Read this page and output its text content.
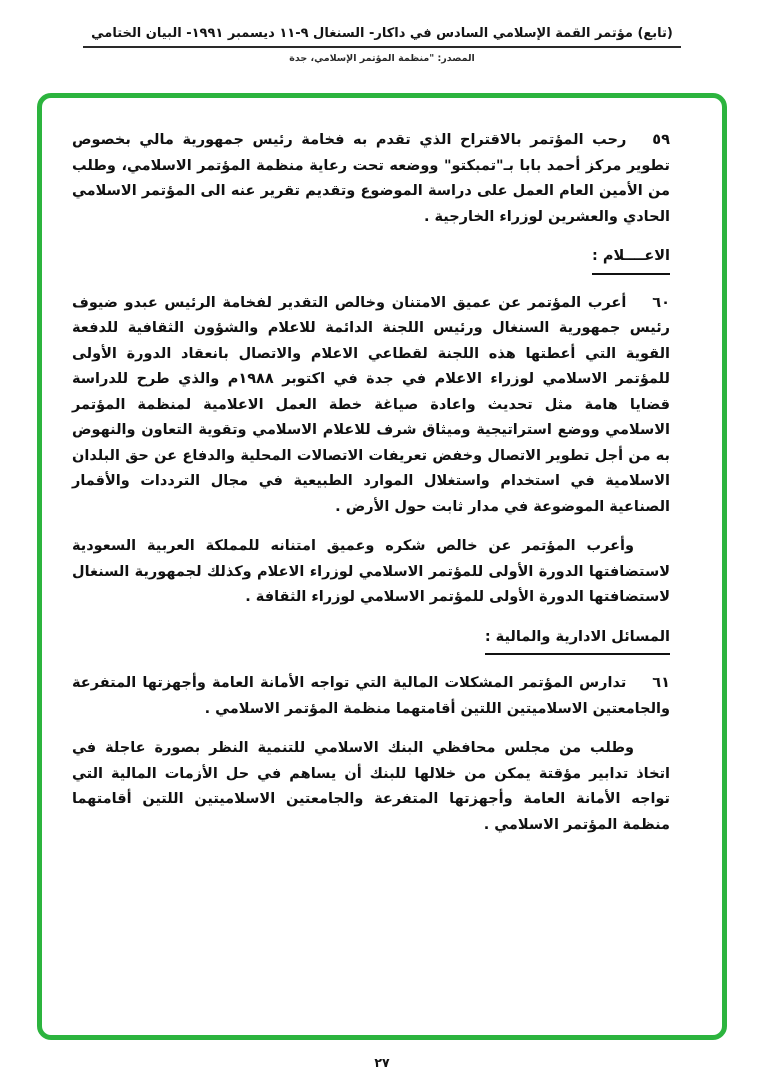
(تابع) مؤتمر القمة الإسلامي السادس في داكار- السنغال ٩-١١ ديسمبر ١٩٩١- البيان الختامي
المصدر: "منظمة المؤتمر الإسلامي، جدة

٥٩رحب المؤتمر بالاقتراح الذي تقدم به فخامة رئيس جمهورية مالي بخصوص تطوير مركز أحمد بابا بـ"تمبكتو" ووضعه تحت رعاية منظمة المؤتمر الاسلامي، وطلب من الأمين العام العمل على دراسة الموضوع وتقديم تقرير عنه الى المؤتمر الاسلامي الحادي والعشرين لوزراء الخارجية .

الاعــــلام :

٦٠أعرب المؤتمر عن عميق الامتنان وخالص التقدير لفخامة الرئيس عبدو ضيوف رئيس جمهورية السنغال ورئيس اللجنة الدائمة للاعلام والشؤون الثقافية للدفعة القوية التي أعطتها هذه اللجنة لقطاعي الاعلام والاتصال بانعقاد الدورة الأولى للمؤتمر الاسلامي لوزراء الاعلام في جدة في اكتوبر ١٩٨٨م والذي طرح للدراسة قضايا هامة مثل تحديث واعادة صياغة خطة العمل الاعلامية لمنظمة المؤتمر الاسلامي ووضع استراتيجية وميثاق شرف للاعلام الاسلامي وتقوية التعاون والنهوض به من أجل تطوير الاتصال وخفض تعريفات الاتصالات المحلية والدفاع عن حق البلدان الاسلامية في استخدام واستغلال الموارد الطبيعية في مجال الترددات والأقمار الصناعية الموضوعة في مدار ثابت حول الأرض .

وأعرب المؤتمر عن خالص شكره وعميق امتنانه للمملكة العربية السعودية لاستضافتها الدورة الأولى للمؤتمر الاسلامي لوزراء الاعلام وكذلك لجمهورية السنغال لاستضافتها الدورة الأولى للمؤتمر الاسلامي لوزراء الثقافة .

المسائل الادارية والمالية :

٦١تدارس المؤتمر المشكلات المالية التي تواجه الأمانة العامة وأجهزتها المتفرعة والجامعتين الاسلاميتين اللتين أقامتهما منظمة المؤتمر الاسلامي .

وطلب من مجلس محافظي البنك الاسلامي للتنمية النظر بصورة عاجلة في اتخاذ تدابير مؤقتة يمكن من خلالها للبنك أن يساهم في حل الأزمات المالية التي تواجه الأمانة العامة وأجهزتها المتفرعة والجامعتين الاسلاميتين اللتين أقامتهما منظمة المؤتمر الاسلامي .

٢٧
